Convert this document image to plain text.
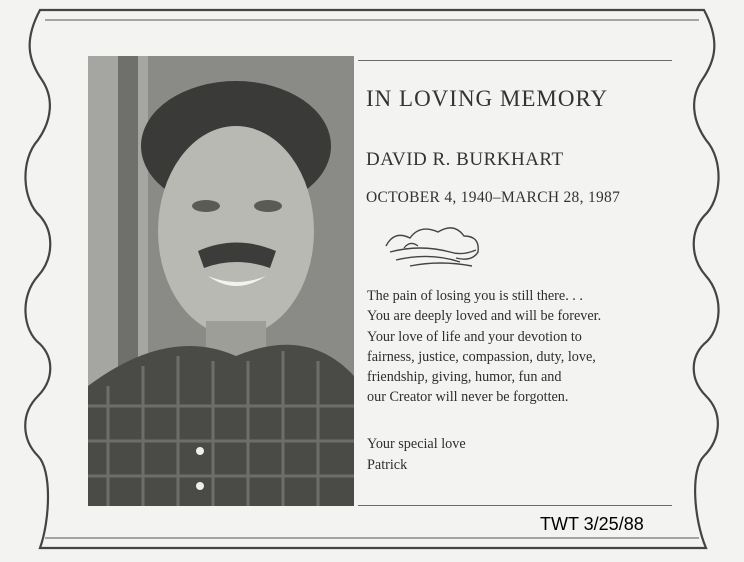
IN LOVING MEMORY
DAVID R. BURKHART
OCTOBER 4, 1940–MARCH 28, 1987
The pain of losing you is still there. . .
You are deeply loved and will be forever.
Your love of life and your devotion to
fairness, justice, compassion, duty, love,
friendship, giving, humor, fun and
our Creator will never be forgotten.
Your special love
Patrick
TWT 3/25/88
